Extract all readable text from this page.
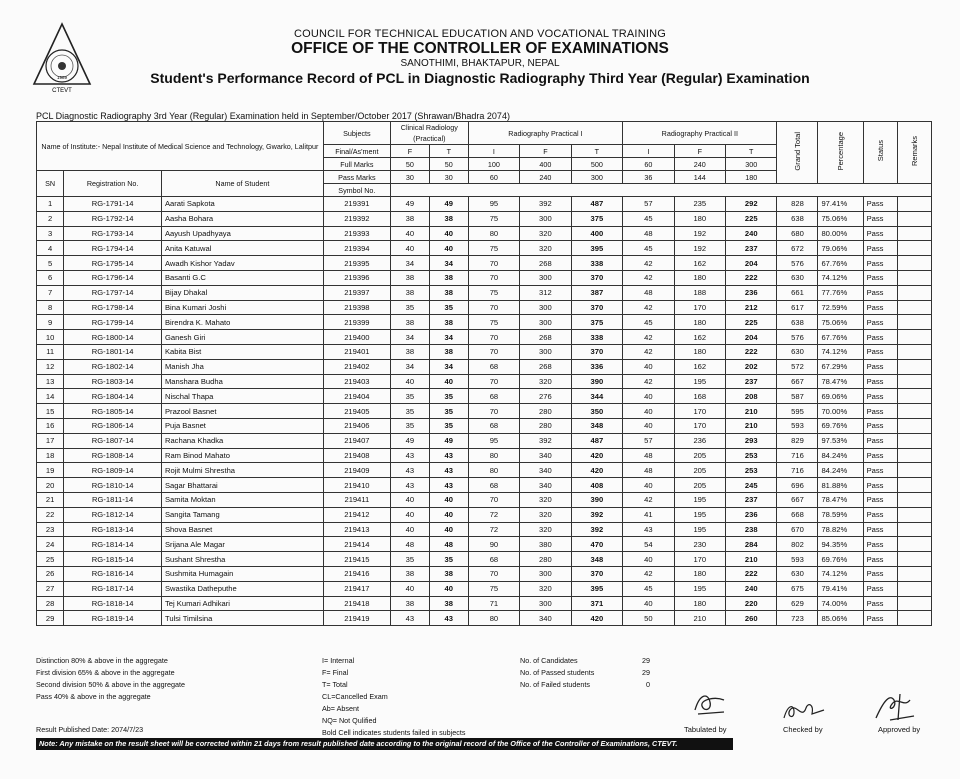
CTEVT
1989
COUNCIL FOR TECHNICAL EDUCATION AND VOCATIONAL TRAINING
OFFICE OF THE CONTROLLER OF EXAMINATIONS
SANOTHIMI, BHAKTAPUR, NEPAL
Student's Performance Record of PCL in Diagnostic Radiography Third Year (Regular) Examination
PCL Diagnostic Radiography 3rd Year (Regular) Examination held in September/October 2017 (Shrawan/Bhadra 2074)
Name of Institute:- Nepal Institute of Medical Science and Technology, Gwarko, Lalitpur			Subjects	Clinical Radiology (Practical)		Radiography Practical I			Radiography Practical II			Grand Total	Percentage	Status	Remarks

			Final/As'ment	F	T	I	F	T	I	F	T				
			Full Marks	50	50	100	400	500	60	240	300				
SN	Registration No.	Name of Student	Pass Marks	30	30	60	240	300	36	144	180				
			Symbol No.												
1	RG-1791-14	Aarati Sapkota	219391	49	49	95	392	487	57	235	292	828	97.41%	Pass	
2	RG-1792-14	Aasha Bohara	219392	38	38	75	300	375	45	180	225	638	75.06%	Pass	
3	RG-1793-14	Aayush Upadhyaya	219393	40	40	80	320	400	48	192	240	680	80.00%	Pass	
4	RG-1794-14	Anita Katuwal	219394	40	40	75	320	395	45	192	237	672	79.06%	Pass	
5	RG-1795-14	Awadh Kishor Yadav	219395	34	34	70	268	338	42	162	204	576	67.76%	Pass	
6	RG-1796-14	Basanti G.C	219396	38	38	70	300	370	42	180	222	630	74.12%	Pass	
7	RG-1797-14	Bijay Dhakal	219397	38	38	75	312	387	48	188	236	661	77.76%	Pass	
8	RG-1798-14	Bina Kumari Joshi	219398	35	35	70	300	370	42	170	212	617	72.59%	Pass	
9	RG-1799-14	Birendra K. Mahato	219399	38	38	75	300	375	45	180	225	638	75.06%	Pass	
10	RG-1800-14	Ganesh Giri	219400	34	34	70	268	338	42	162	204	576	67.76%	Pass	
11	RG-1801-14	Kabita Bist	219401	38	38	70	300	370	42	180	222	630	74.12%	Pass	
12	RG-1802-14	Manish Jha	219402	34	34	68	268	336	40	162	202	572	67.29%	Pass	
13	RG-1803-14	Manshara Budha	219403	40	40	70	320	390	42	195	237	667	78.47%	Pass	
14	RG-1804-14	Nischal Thapa	219404	35	35	68	276	344	40	168	208	587	69.06%	Pass	
15	RG-1805-14	Prazool Basnet	219405	35	35	70	280	350	40	170	210	595	70.00%	Pass	
16	RG-1806-14	Puja Basnet	219406	35	35	68	280	348	40	170	210	593	69.76%	Pass	
17	RG-1807-14	Rachana Khadka	219407	49	49	95	392	487	57	236	293	829	97.53%	Pass	
18	RG-1808-14	Ram Binod Mahato	219408	43	43	80	340	420	48	205	253	716	84.24%	Pass	
19	RG-1809-14	Rojit Mulmi Shrestha	219409	43	43	80	340	420	48	205	253	716	84.24%	Pass	
20	RG-1810-14	Sagar Bhattarai	219410	43	43	68	340	408	40	205	245	696	81.88%	Pass	
21	RG-1811-14	Samita Moktan	219411	40	40	70	320	390	42	195	237	667	78.47%	Pass	
22	RG-1812-14	Sangita Tamang	219412	40	40	72	320	392	41	195	236	668	78.59%	Pass	
23	RG-1813-14	Shova Basnet	219413	40	40	72	320	392	43	195	238	670	78.82%	Pass	
24	RG-1814-14	Srijana Ale Magar	219414	48	48	90	380	470	54	230	284	802	94.35%	Pass	
25	RG-1815-14	Sushant Shrestha	219415	35	35	68	280	348	40	170	210	593	69.76%	Pass	
26	RG-1816-14	Sushmita Humagain	219416	38	38	70	300	370	42	180	222	630	74.12%	Pass	
27	RG-1817-14	Swastika Datheputhe	219417	40	40	75	320	395	45	195	240	675	79.41%	Pass	
28	RG-1818-14	Tej Kumari Adhikari	219418	38	38	71	300	371	40	180	220	629	74.00%	Pass	
29	RG-1819-14	Tulsi Timilsina	219419	43	43	80	340	420	50	210	260	723	85.06%	Pass	
Distinction 80% & above in the aggregate
First division 65% & above in the aggregate
Second division 50% & above in the aggregate
Pass 40% & above in the aggregate
I= Internal
F= Final
T= Total
CL=Cancelled Exam
Ab= Absent
NQ= Not Qulified
Bold Cell indicates students failed in subjects
No. of Candidates	29
No. of Passed students	29
No. of Failed students	0
Result Published Date: 2074/7/23	Tabulated by	Checked by	Approved by
Note: Any mistake on the result sheet will be corrected within 21 days from result published date according to the original record of the Office of the Controller of Examinations, CTEVT.
